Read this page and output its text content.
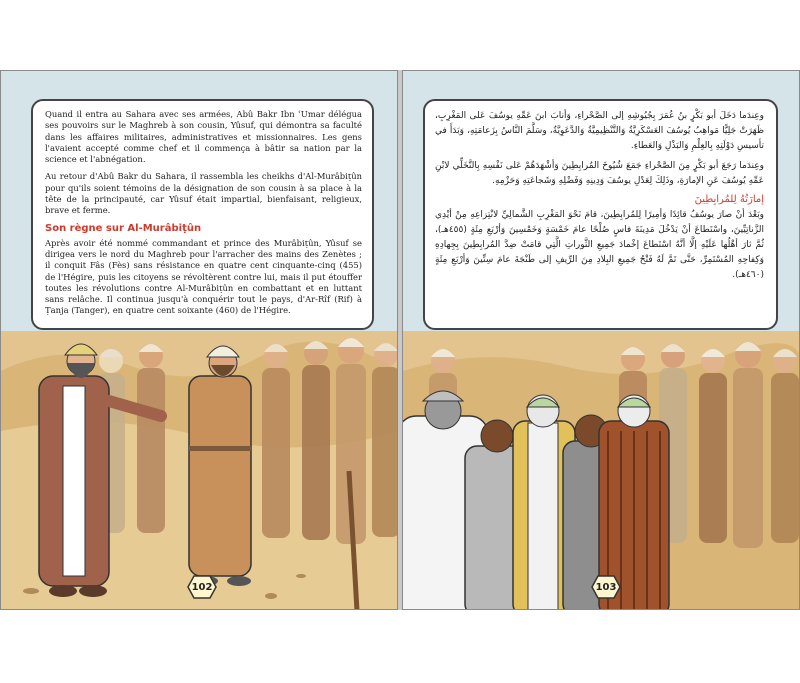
Quand il entra au Sahara avec ses armées, Abû Bakr Ibn ʿUmar délégua ses pouvoirs sur le Maghreb à son cousin, Yûsuf, qui démontra sa faculté dans les affaires militaires, administratives et missionnaires. Les gens l'avaient accepté comme chef et il commença à bâtir sa nation par la science et l'abnégation.

Au retour d'Abû Bakr du Sahara, il rassembla les cheikhs d'Al-Murâbiṭûn pour qu'ils soient témoins de la désignation de son cousin à sa place à la tête de la principauté, car Yûsuf était impartial, bienfaisant, religieux, brave et ferme.

Son règne sur Al-Murâbiṭûn

Après avoir été nommé commandant et prince des Murâbiṭûn, Yûsuf se dirigea vers le nord du Maghreb pour l'arracher des mains des Zenètes ; il conquit Fâs (Fès) sans résistance en quatre cent cinquante-cinq (455) de l'Hégire, puis les citoyens se révoltèrent contre lui, mais il put étouffer toutes les révolutions contre Al-Murâbiṭûn en combattant et en luttant sans relâche. Il continua jusqu'à conquérir tout le pays, d'Ar-Rîf (Rif) à Ṭanja (Tanger), en quatre cent soixante (460) de l'Hégire.

102

وعِندَما دَخَلَ أبو بَكْرٍ بنُ عُمَرَ بِجُيُوشِهِ إلى الصَّحْراءِ، وَأنابَ ابنَ عَمِّهِ يوسُفَ عَلى المَغْرِبِ، ظَهَرَتْ جَلِيًّا مَواهِبُ يُوسُفَ العَسْكَرِيَّةُ وَالتَّنْظِيمِيَّةُ وَالدَّعَوِيَّةُ، وسَلَّمَ النَّاسُ بِزَعامَتِهِ، وَبَدَأَ في تأسيسِ دَوْلَتِهِ بِالعِلْمِ وَالبَذْلِ وَالعَطاءِ.

وعِندَما رَجَعَ أبو بَكْرٍ مِنَ الصَّحْراءِ جَمَعَ شُيُوخَ المُرابِطِينَ وَأشْهَدَهُمْ عَلى نَفْسِهِ بِالتَّخَلِّي لابْنِ عَمِّهِ يُوسُفَ عَنِ الإمارَةِ، وذَلِكَ لِعَدْلِ يوسُفَ وَدِينِهِ وَفَضْلِهِ وَشَجاعَتِهِ وَحَزْمِهِ.

إمارَتُهُ لِلمُرابِطِينَ

وبَعْدَ أنْ صارَ يوسُفُ قائِدًا وَأمِيرًا لِلمُرابِطِينَ، قامَ نَحْوَ المَغْرِبِ الشَّمالِيِّ لانْتِزاعِهِ مِنْ أيْدِي الزَّناتِيِّينَ، واسْتَطاعَ أنْ يَدْخُلَ مَدِينَةَ فاسٍ صُلْحًا عامَ خَمْسَةٍ وَخَمْسِينَ وَأرْبَعِ مِئَةٍ (٤٥٥هـ)، ثُمَّ ثارَ أهْلُها عَلَيْهِ إلَّا أنَّهُ اسْتَطاعَ إخْمادَ جَمِيعِ الثَّوراتِ الَّتِي قامَتْ ضِدَّ المُرابِطِينَ بِجِهادِهِ وَكِفاحِهِ المُسْتَمِرِّ، حَتَّى تَمَّ لَهُ فَتْحُ جَمِيعِ البِلادِ مِنَ الرِّيفِ إلى طَنْجَةَ عامَ سِتِّينَ وَأرْبَعِ مِئَةٍ (٤٦٠هـ).

103
